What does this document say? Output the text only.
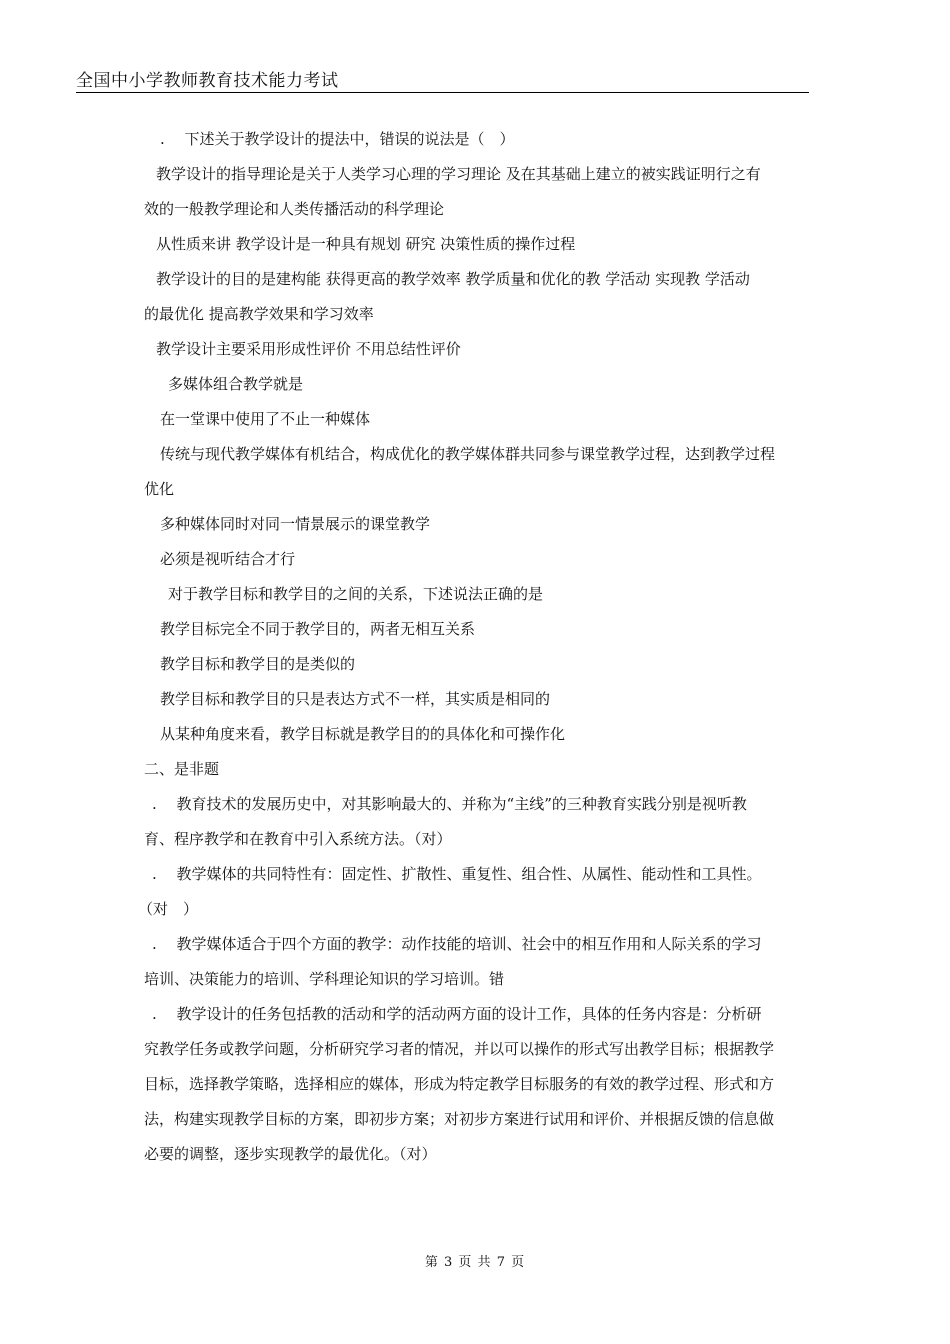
全国中小学教师教育技术能力考试
.　 下述关于教学设计的提法中，错误的说法是（　）
教学设计的指导理论是关于人类学习心理的学习理论 及在其基础上建立的被实践证明行之有
效的一般教学理论和人类传播活动的科学理论
从性质来讲 教学设计是一种具有规划 研究 决策性质的操作过程
教学设计的目的是建构能 获得更高的教学效率 教学质量和优化的教 学活动 实现教 学活动
的最优化 提高教学效果和学习效率
教学设计主要采用形成性评价 不用总结性评价
多媒体组合教学就是
在一堂课中使用了不止一种媒体
传统与现代教学媒体有机结合，构成优化的教学媒体群共同参与课堂教学过程，达到教学过程
优化
多种媒体同时对同一情景展示的课堂教学
必须是视听结合才行
对于教学目标和教学目的之间的关系，下述说法正确的是
教学目标完全不同于教学目的，两者无相互关系
教学目标和教学目的是类似的
教学目标和教学目的只是表达方式不一样，其实质是相同的
从某种角度来看，教学目标就是教学目的的具体化和可操作化
二、是非题
.　 教育技术的发展历史中，对其影响最大的、并称为“主线”的三种教育实践分别是视听教
育、程序教学和在教育中引入系统方法。（对）
.　 教学媒体的共同特性有：固定性、扩散性、重复性、组合性、从属性、能动性和工具性。
（对　）
.　 教学媒体适合于四个方面的教学：动作技能的培训、社会中的相互作用和人际关系的学习
培训、决策能力的培训、学科理论知识的学习培训。错
.　 教学设计的任务包括教的活动和学的活动两方面的设计工作，具体的任务内容是：分析研
究教学任务或教学问题，分析研究学习者的情况，并以可以操作的形式写出教学目标；根据教学
目标，选择教学策略，选择相应的媒体，形成为特定教学目标服务的有效的教学过程、形式和方
法，构建实现教学目标的方案，即初步方案；对初步方案进行试用和评价、并根据反馈的信息做
必要的调整，逐步实现教学的最优化。（对）
第 3 页 共 7 页
